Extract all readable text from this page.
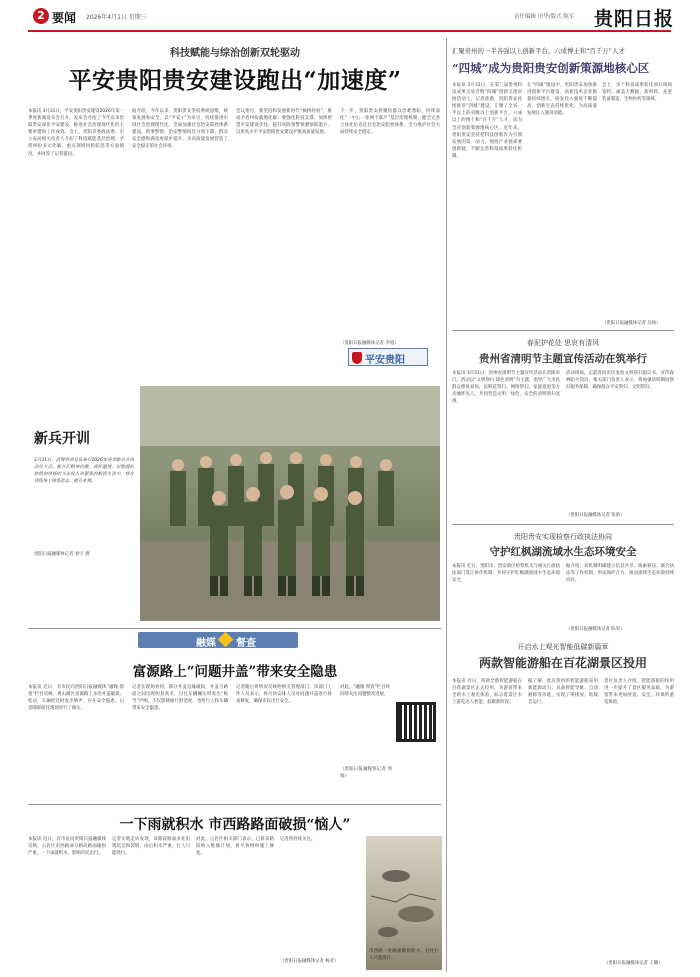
2 要闻 2026年4月1日 星期三	责任编辑 田华/版式 陈军 贵阳日报
科技赋能与综治创新双轮驱动
平安贵阳贵安建设跑出“加速度”
本报讯 3月31日，平安贵阳贵安建设2026年第一季度新闻发布会召开。发布会介绍了今年以来贵阳贵安深化平安建设、推进社会治理现代化的主要举措和工作成效。会上，贵阳市委政法委、市公安局相关负责人介绍了科技赋能基层治理、矛盾纠纷多元化解、重点领域风险防范等方面情况，并回答了记者提问。
据介绍，今年以来，贵阳贵安坚持系统思维，统筹发展和安全，以“平安+”为牵引，持续推进市域社会治理现代化，全面加强社会治安防控体系建设，刑事警情、治安警情同比分别下降，群众安全感和满意度稳步提升，为高质量发展营造了安全稳定的社会环境。
会议指出，要坚持和发展新时代“枫桥经验”，推动矛盾纠纷就地化解；要强化科技支撑，加快智慧平安建设步伐，提升风险预警预测预防能力，以更高水平平安贵阳贵安建设护航高质量发展。
下一步，贵阳贵安将聚焦群众急难愁盼，持续深化“一中心一张网十联户”基层治理机制，健全完善立体化信息化社会治安防控体系，全力维护社会大局持续安全稳定。
（贵阳日报融媒体记者 李旭）
平安贵阳
新兵开训
3月31日，武警贵州总队举行2026年春季新兵开训动员大会。新兵们精神抖擞，满怀激情，以饱满的热情和昂扬的斗志投入到紧张的新训生活中，将在训练场上锤炼意志、提升本领。
贵阳日报融媒体记者 刘宇 摄
汇聚贵州的一半各强以上创新平台、六成博士和“百千万”人才
“四城”成为贵阳贵安创新策源地核心区
本报讯 3月31日，在第三届贵州科技成果交易会暨“四城”创新交流对接活动上，记者获悉，贵阳贵安持续推进“四城”建设，汇聚了全省一半以上的省级以上创新平台、六成以上的博士和“百千万”人才，成为全省创新策源地核心区。近年来，贵阳贵安坚持把科技创新作为引领发展的第一动力，围绕产业链部署创新链，不断完善科技成果转化机制。
在“四城”建设中，贵阳贵安加快推进创新平台建设，高新技术企业数量持续增长，研发投入强度不断提高，创新生态持续优化，为高质量发展注入强劲动能。
会上，多个科技成果转化项目现场签约，涵盖大数据、新材料、先进装备制造、生物医药等领域。
（贵阳日报融媒体记者 吴杨）
春泥护花处 思哀有清风
贵州省清明节主题宣传活动在筑举行
本报讯 3月31日，贵州省清明节主题宣传活动在贵阳举行。活动以“文明祭扫 绿色清明”为主题，倡导广大市民群众移风易俗，以鲜花祭扫、网络祭扫、家庭追思等方式缅怀先人，共同营造文明、绿色、安全的清明祭扫氛围。
活动现场，志愿者向市民发放文明祭扫倡议书，宣传森林防火知识。相关部门负责人表示，将加强清明期间祭扫服务保障，确保群众平安祭扫、文明祭扫。
（贵阳日报融媒体记者 张新）
贵阳贵安实现检察行政执法协同
守护红枫湖流域水生态环境安全
本报讯 近日，贵阳市、贵安新区检察机关与相关行政执法部门签订协作机制，共同守护红枫湖流域水生态环境安全。
据介绍，该机制明确建立信息共享、线索移送、联合执法等工作机制，形成保护合力，推动流域生态环境持续向好。
（贵阳日报融媒体记者 陈军）
融媒 督查
富源路上“问题井盖”带来安全隐患
本报讯 近日，有市民向贵阳日报融媒体“融媒·督查”栏目反映，观山湖区富源路上多处井盖破损、松动，车辆经过时发出响声，存在安全隐患。记者随即前往现场进行了核实。
记者在现场看到，部分井盖边缘破损，井盖与路面之间出现明显高差，过往车辆碾压时发出“哐当”声响，不仅影响通行舒适度，也给行人和车辆带来安全隐患。
记者随后将情况反映给相关管理部门。该部门工作人员表示，将尽快安排人员对问题井盖进行排查修复，确保市民出行安全。
对此，“融媒·督查”栏目将持续关注问题整改进展。
（贵阳日报融媒体记者 周娟）
一下雨就积水 市西路路面破损“恼人”
本报讯 近日，有市民向贵阳日报融媒体反映，云岩区市西路部分路段路面破损严重，一下雨就积水，影响市民出行。
记者实地走访发现，该路段路面多处出现坑洼和裂缝，雨后积水严重，行人只能绕行。
对此，云岩区相关部门表示，已将该路段纳入维修计划，将尽快组织施工修复。
记者将持续关注。
（贵阳日报融媒体记者 杨青）
市西路一处路面破损积水，过往行人只能绕行。
开启水上观光智能低碳新篇章
两款智能游船在百花湖景区投用
本报讯 近日，两款全新智能游船在百花湖景区正式投用，为游客带来全新水上观光体验，标志着景区水上游览迈入智能、低碳新阶段。
据了解，此次投用的智能游船采用新能源动力，具备智能导航、自动避障等功能，实现了零排放、低噪音运行。
景区负责人介绍，智能游船的投用进一步提升了景区服务品质，为游客带来更加舒适、安全、环保的游览体验。
（贵阳日报融媒体记者 王璐）
